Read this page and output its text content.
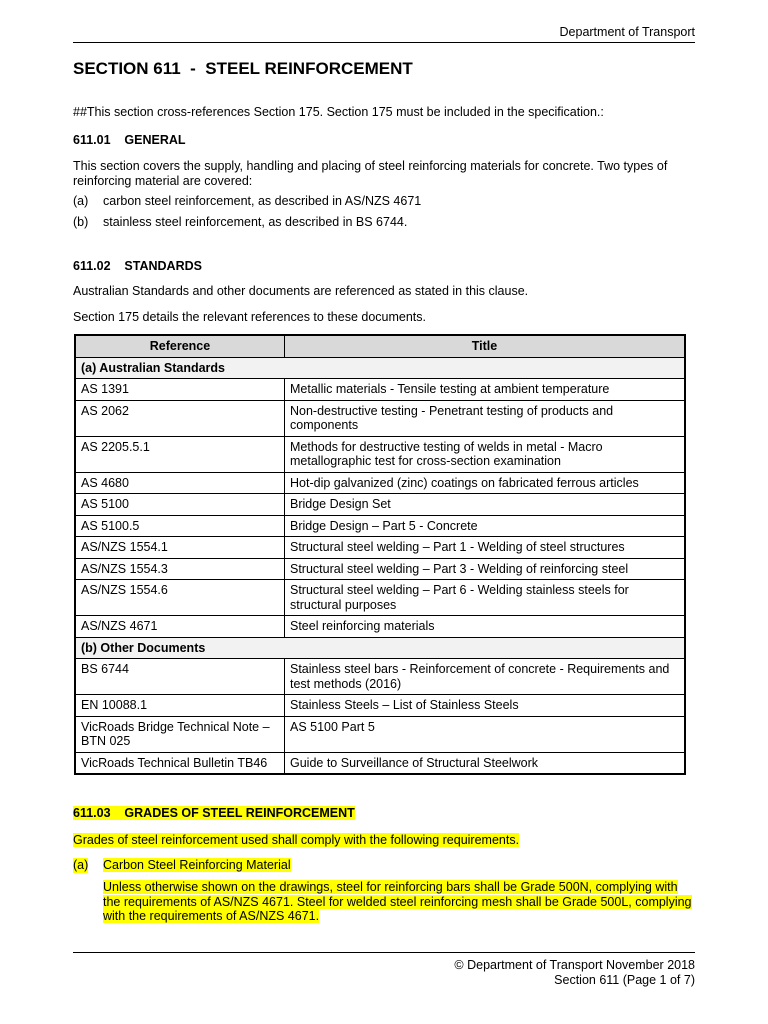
Department of Transport
SECTION 611  -  STEEL REINFORCEMENT
##This section cross-references Section 175. Section 175 must be included in the specification.:
611.01    GENERAL
This section covers the supply, handling and placing of steel reinforcing materials for concrete. Two types of reinforcing material are covered:
(a) carbon steel reinforcement, as described in AS/NZS 4671
(b) stainless steel reinforcement, as described in BS 6744.
611.02    STANDARDS
Australian Standards and other documents are referenced as stated in this clause.
Section 175 details the relevant references to these documents.
Reference	Title
(a) Australian Standards	
AS 1391	Metallic materials - Tensile testing at ambient temperature
AS 2062	Non-destructive testing - Penetrant testing of products and components
AS 2205.5.1	Methods for destructive testing of welds in metal - Macro metallographic test for cross-section examination
AS 4680	Hot-dip galvanized (zinc) coatings on fabricated ferrous articles
AS 5100	Bridge Design Set
AS 5100.5	Bridge Design – Part 5 - Concrete
AS/NZS 1554.1	Structural steel welding – Part 1 - Welding of steel structures
AS/NZS 1554.3	Structural steel welding – Part 3 - Welding of reinforcing steel
AS/NZS 1554.6	Structural steel welding – Part 6 - Welding stainless steels for structural purposes
AS/NZS 4671	Steel reinforcing materials
(b) Other Documents	
BS 6744	Stainless steel bars - Reinforcement of concrete - Requirements and test methods (2016)
EN 10088.1	Stainless Steels – List of Stainless Steels
VicRoads Bridge Technical Note – BTN 025	AS 5100 Part 5
VicRoads Technical Bulletin TB46	Guide to Surveillance of Structural Steelwork
611.03    GRADES OF STEEL REINFORCEMENT
Grades of steel reinforcement used shall comply with the following requirements.
(a) Carbon Steel Reinforcing Material
Unless otherwise shown on the drawings, steel for reinforcing bars shall be Grade 500N, complying with the requirements of AS/NZS 4671. Steel for welded steel reinforcing mesh shall be Grade 500L, complying with the requirements of AS/NZS 4671.
© Department of Transport November 2018
Section 611 (Page 1 of 7)
